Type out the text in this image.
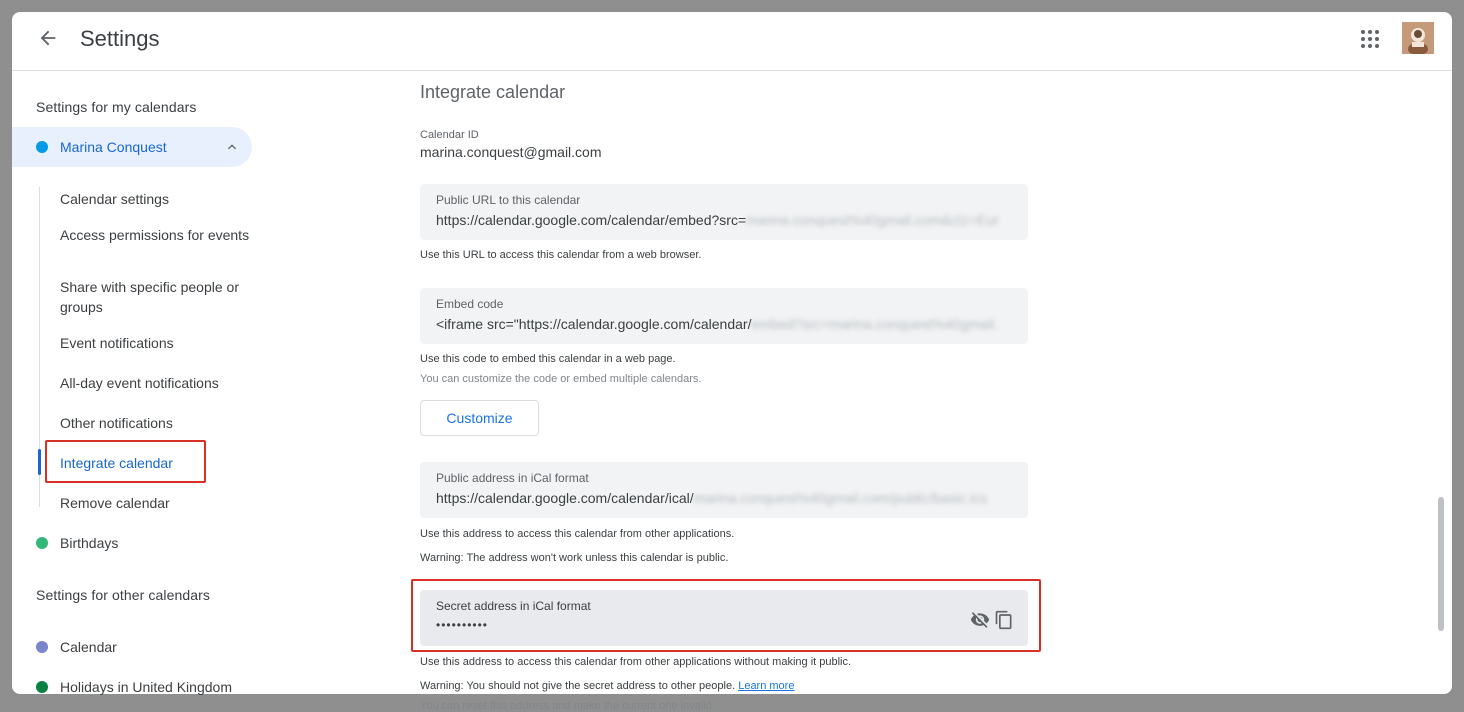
Settings
Settings for my calendars
Marina Conquest
Calendar settings
Access permissions for events
Share with specific people or groups
Event notifications
All-day event notifications
Other notifications
Integrate calendar
Remove calendar
Birthdays
Settings for other calendars
Calendar
Holidays in United Kingdom
Integrate calendar
Calendar ID
marina.conquest@gmail.com
Public URL to this calendar
https://calendar.google.com/calendar/embed?src=marina.conquest%40gmail.com&ctz=Eur
Use this URL to access this calendar from a web browser.
Embed code
<iframe src="https://calendar.google.com/calendar/embed?src=marina.conquest%40gmail.
Use this code to embed this calendar in a web page.
You can customize the code or embed multiple calendars.
Customize
Public address in iCal format
https://calendar.google.com/calendar/ical/marina.conquest%40gmail.com/public/basic.ics
Use this address to access this calendar from other applications.
Warning: The address won't work unless this calendar is public.
Secret address in iCal format
••••••••••
Use this address to access this calendar from other applications without making it public.
Warning: You should not give the secret address to other people. Learn more
You can reset this address and make the current one invalid.
